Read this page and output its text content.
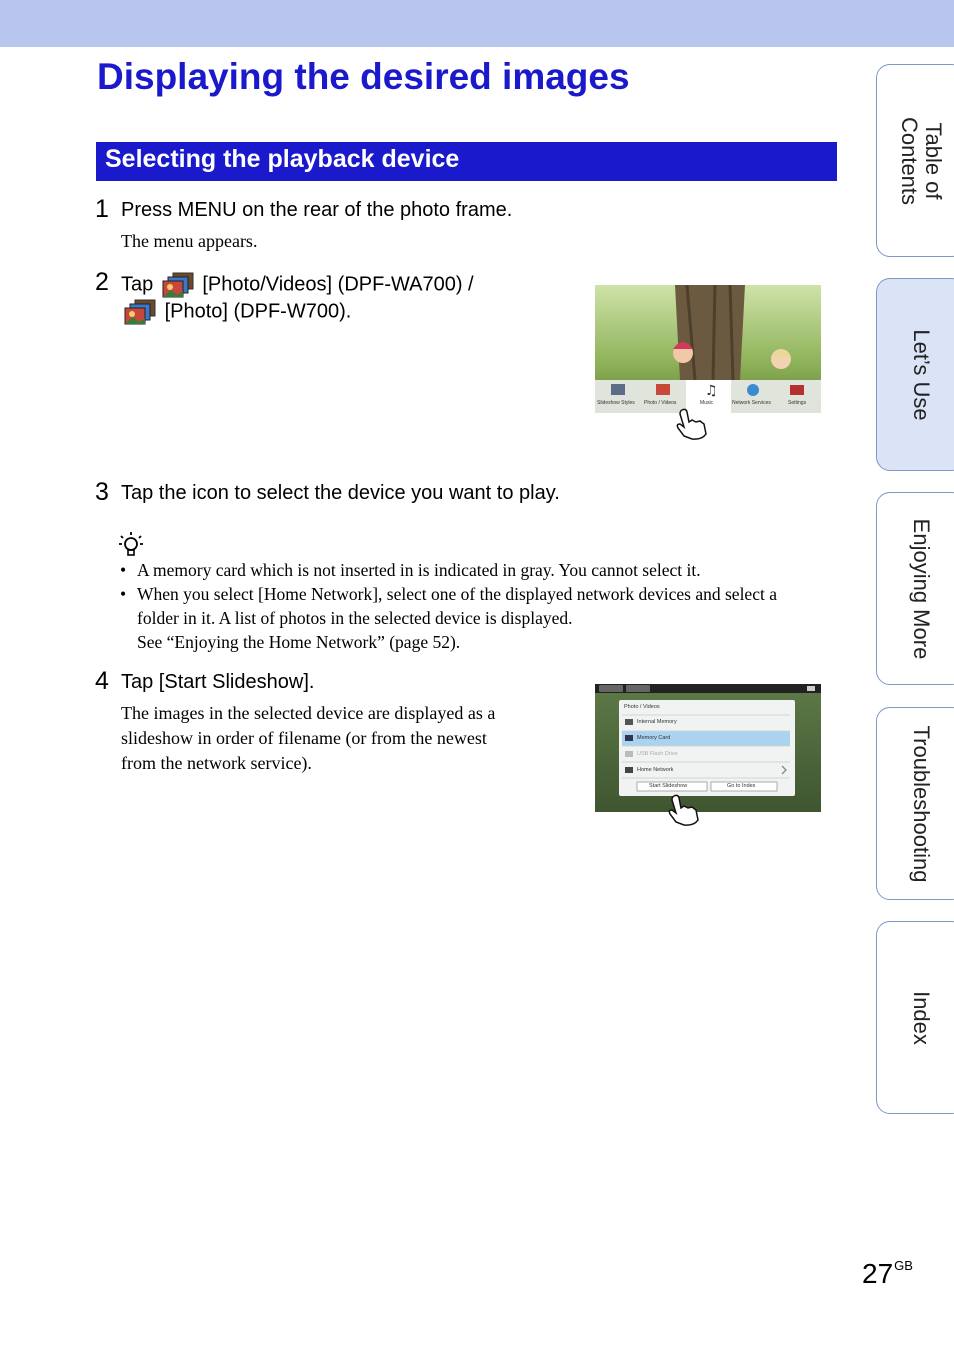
Displaying the desired images
Selecting the playback device
1 Press MENU on the rear of the photo frame.
The menu appears.
2 Tap [Photo/Videos] (DPF-WA700) /
[Photo] (DPF-W700).
♫
Slideshow Styles Photo / Videos	Music	Network Services	Settings
3 Tap the icon to select the device you want to play.
• A memory card which is not inserted in is indicated in gray. You cannot select it.
• When you select [Home Network], select one of the displayed network devices and select a
folder in it. A list of photos in the selected device is displayed.
See “Enjoying the Home Network” (page 52).
4 Tap [Start Slideshow].
The images in the selected device are displayed as a
slideshow in order of filename (or from the newest
from the network service).
Photo / Videos
Internal Memory
Memory Card
USB Flash Drive
Home Network
Start Slideshow	Go to Index
Table of
Contents
Let’s Use
Enjoying More
Troubleshooting
Index
$27^{GB}$
